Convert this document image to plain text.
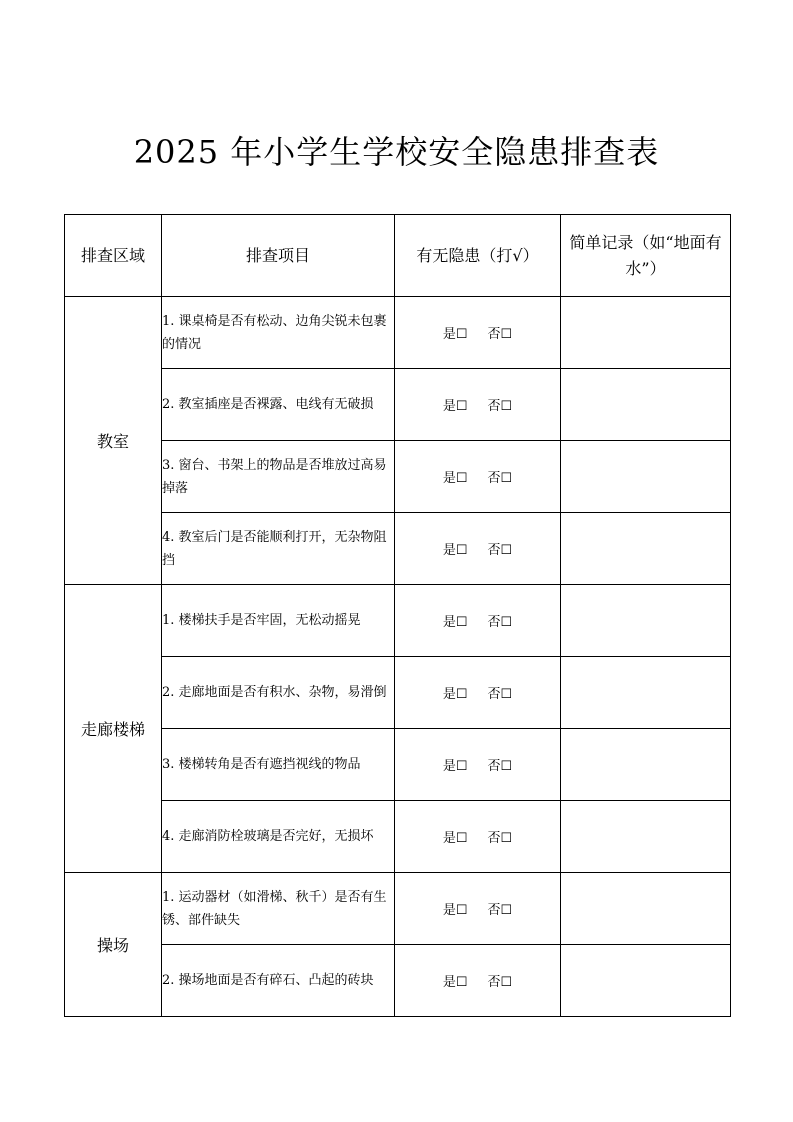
2025 年小学生学校安全隐患排查表
排查区域	排查项目	有无隐患（打√）	简单记录（如“地面有水”）
教室	1. 课桌椅是否有松动、边角尖锐未包裹的情况	是☐ 否☐	
	2. 教室插座是否裸露、电线有无破损	是☐ 否☐	
	3. 窗台、书架上的物品是否堆放过高易掉落	是☐ 否☐	
	4. 教室后门是否能顺利打开，无杂物阻挡	是☐ 否☐	
走廊楼梯	1. 楼梯扶手是否牢固，无松动摇晃	是☐ 否☐	
	2. 走廊地面是否有积水、杂物，易滑倒	是☐ 否☐	
	3. 楼梯转角是否有遮挡视线的物品	是☐ 否☐	
	4. 走廊消防栓玻璃是否完好，无损坏	是☐ 否☐	
操场	1. 运动器材（如滑梯、秋千）是否有生锈、部件缺失	是☐ 否☐	
	2. 操场地面是否有碎石、凸起的砖块	是☐ 否☐	
